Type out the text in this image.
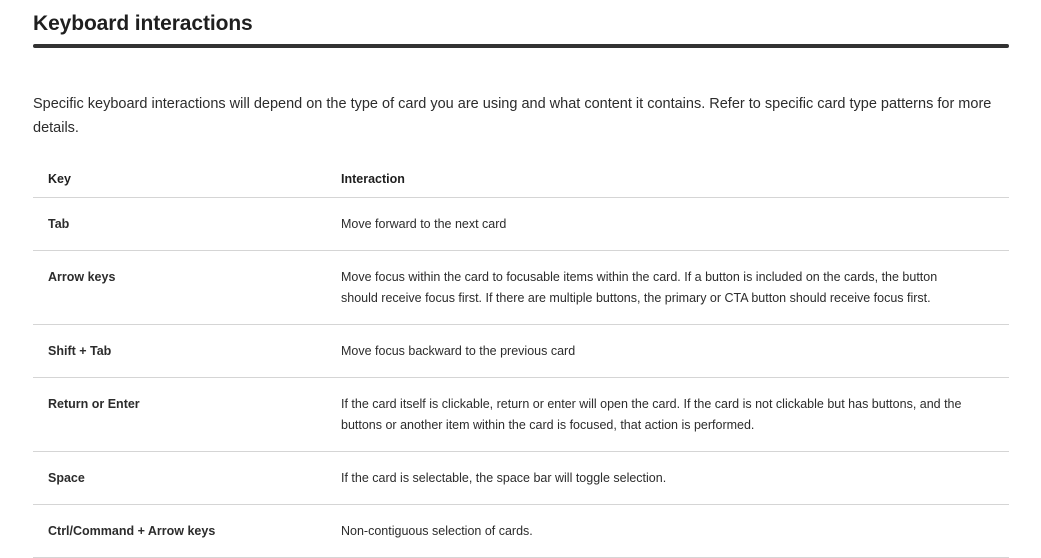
Keyboard interactions

Specific keyboard interactions will depend on the type of card you are using and what content it contains. Refer to specific card type patterns for more details.

Key	Interaction
Tab	Move forward to the next card
Arrow keys	Move focus within the card to focusable items within the card. If a button is included on the cards, the button should receive focus first. If there are multiple buttons, the primary or CTA button should receive focus first.
Shift + Tab	Move focus backward to the previous card
Return or Enter	If the card itself is clickable, return or enter will open the card. If the card is not clickable but has buttons, and the buttons or another item within the card is focused, that action is performed.
Space	If the card is selectable, the space bar will toggle selection.
Ctrl/Command + Arrow keys	Non-contiguous selection of cards.
